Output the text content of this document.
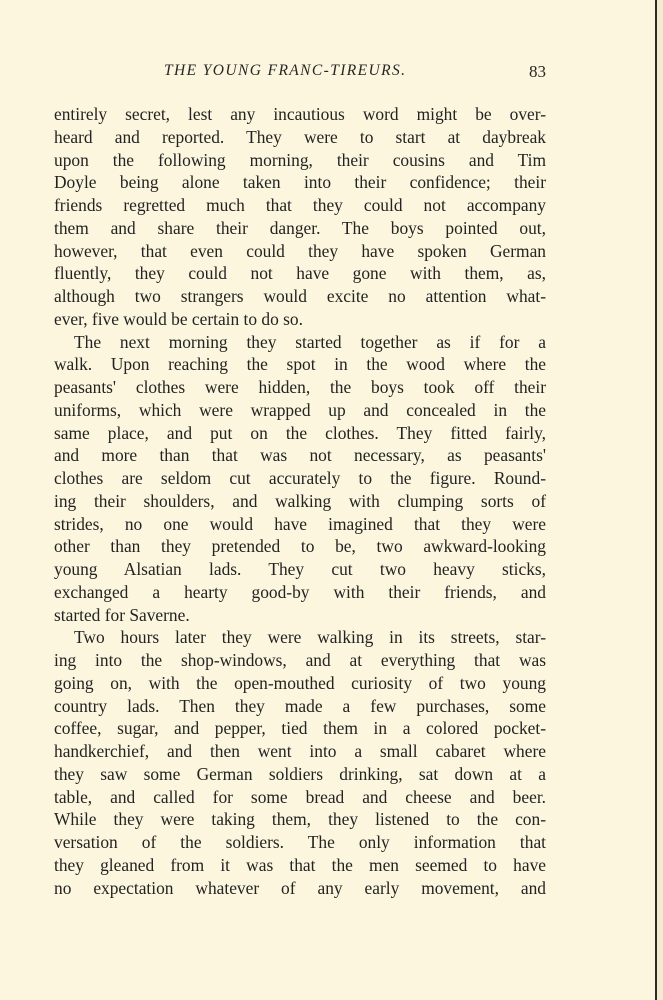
THE YOUNG FRANC-TIREURS.	83
entirely secret, lest any incautious word might be over-
heard and reported. They were to start at daybreak
upon the following morning, their cousins and Tim
Doyle being alone taken into their confidence; their
friends regretted much that they could not accompany
them and share their danger. The boys pointed out,
however, that even could they have spoken German
fluently, they could not have gone with them, as,
although two strangers would excite no attention what-
ever, five would be certain to do so.
The next morning they started together as if for a
walk. Upon reaching the spot in the wood where the
peasants' clothes were hidden, the boys took off their
uniforms, which were wrapped up and concealed in the
same place, and put on the clothes. They fitted fairly,
and more than that was not necessary, as peasants'
clothes are seldom cut accurately to the figure. Round-
ing their shoulders, and walking with clumping sorts of
strides, no one would have imagined that they were
other than they pretended to be, two awkward-looking
young Alsatian lads. They cut two heavy sticks,
exchanged a hearty good-by with their friends, and
started for Saverne.
Two hours later they were walking in its streets, star-
ing into the shop-windows, and at everything that was
going on, with the open-mouthed curiosity of two young
country lads. Then they made a few purchases, some
coffee, sugar, and pepper, tied them in a colored pocket-
handkerchief, and then went into a small cabaret where
they saw some German soldiers drinking, sat down at a
table, and called for some bread and cheese and beer.
While they were taking them, they listened to the con-
versation of the soldiers. The only information that
they gleaned from it was that the men seemed to have
no expectation whatever of any early movement, and
